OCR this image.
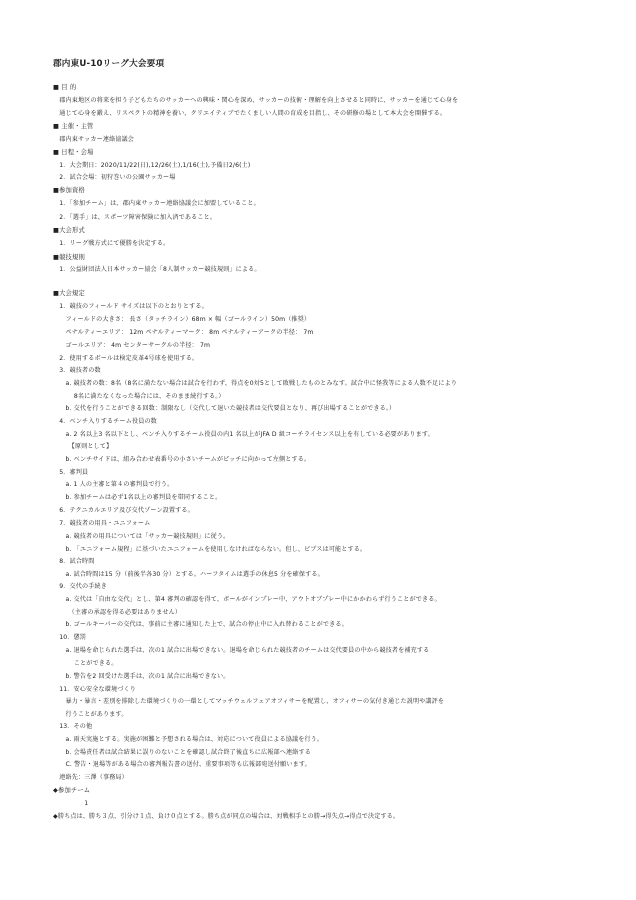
郡内東U-10リーグ大会要項
■ 目 的
　郡内東地区の将来を担う子どもたちのサッカーへの興味・関心を深め、サッカーの技術・理解を向上させると同時に、サッカーを通じて心身を
　通じて心身を鍛え、リスペクトの精神を養い、クリエイティブでたくましい人間の育成を目指し、その研修の場として本大会を開催する。
■ 主催・主管
　郡内東サッカー連絡協議会
■ 日程・会場
　1．大会期日：2020/11/22(日),12/26(土),1/16(土),予備日2/6(土)
　2．試合会場：初狩巻いの公園サッカー場
■参加資格
　1．「参加チーム」は、郡内東サッカー連絡協議会に加盟していること。
　2．「選手」は、スポーツ障害保険に加入済であること。
■大会形式
　1．リーグ戦方式にて優勝を決定する。
■競技規則
　1．公益財団法人日本サッカー協会「8人制サッカー競技規則」による。
■大会規定
　1．競技のフィールド サイズは以下のとおりとする。
　　フィールドの大きさ： 長さ（タッチライン）68m × 幅（ゴールライン）50m（推奨）
　　ペナルティーエリア： 12m ペナルティーマーク： 8m ペナルティーアークの半径： 7m
　　ゴールエリア： 4m センターサークルの半径： 7m
　2．使用するボールは検定皮革4号球を使用する。
　3．競技者の数
　　a. 競技者の数：8名（8名に満たない場合は試合を行わず、得点を0対5として敗戦したものとみなす。試合中に怪我等による人数不足により
　　　 8名に満たなくなった場合には、そのまま続行する。）
　　b. 交代を行うことができる回数：制限なし（交代して退いた競技者は交代要員となり、再び出場することができる。）
　4．ベンチ入りするチーム役員の数
　　a. 2 名以上3 名以下とし、ベンチ入りするチーム役員の内1 名以上がJFA D 級コーチライセンス以上を有している必要があります。
　　　【原則として】
　　b. ベンチサイドは、組み合わせ表番号の小さいチームがピッチに向かって左側とする。
　5．審判員
　　a. 1 人の主審と第４の審判員で行う。
　　b. 参加チームは必ず1名以上の審判員を帯同すること。
　6．テクニカルエリア及び交代ゾーン設置する。
　7．競技者の用具・ユニフォーム
　　a. 競技者の用具については「サッカー競技規則」に従う。
　　b. 「ユニフォーム規程」に基づいたユニフォームを使用しなければならない。但し、ビブスは可能とする。
　8．試合時間
　　a. 試合時間は15 分（前後半各30 分）とする。ハーフタイムは選手の休息5 分を確保する。
　9．交代の手続き
　　a. 交代は「自由な交代」とし、第4 審判の確認を得て、ボールがインプレー中、アウトオブプレー中にかかわらず行うことができる。
　　　（主審の承認を得る必要はありません）
　　b. ゴールキーパーの交代は、事前に主審に通知した上で、試合の停止中に入れ替わることができる。
　10．懲罰
　　a. 退場を命じられた選手は、次の1 試合に出場できない。退場を命じられた競技者のチームは交代要員の中から競技者を補充する
　　　 ことができる。
　　b. 警告を2 回受けた選手は、次の1 試合に出場できない。
　11．安心安全な環境づくり
　　暴力・暴言・差別を排除した環境づくりの一環としてマッチウェルフェアオフィサーを配置し、オフィサーの気付き通じた説明や講評を
　　行うことがあります。
　13．その他
　　a. 雨天実施とする。実施が困難と予想される場合は、対応について役員による協議を行う。
　　b. 会場責任者は試合結果に誤りのないことを確認し試合終了後直ちに広報部へ連絡する
　　C. 警告・退場等がある場合の審判報告書の送付、重要事項等も広報部宛送付願います。
　連絡先：三澤（事務局）
◆参加チーム
　　　　　1
◆勝ち点は、勝ち３点、引分け１点、負け０点とする。勝ち点が同点の場合は、対戦相手との勝→得失点→得点で決定する。
